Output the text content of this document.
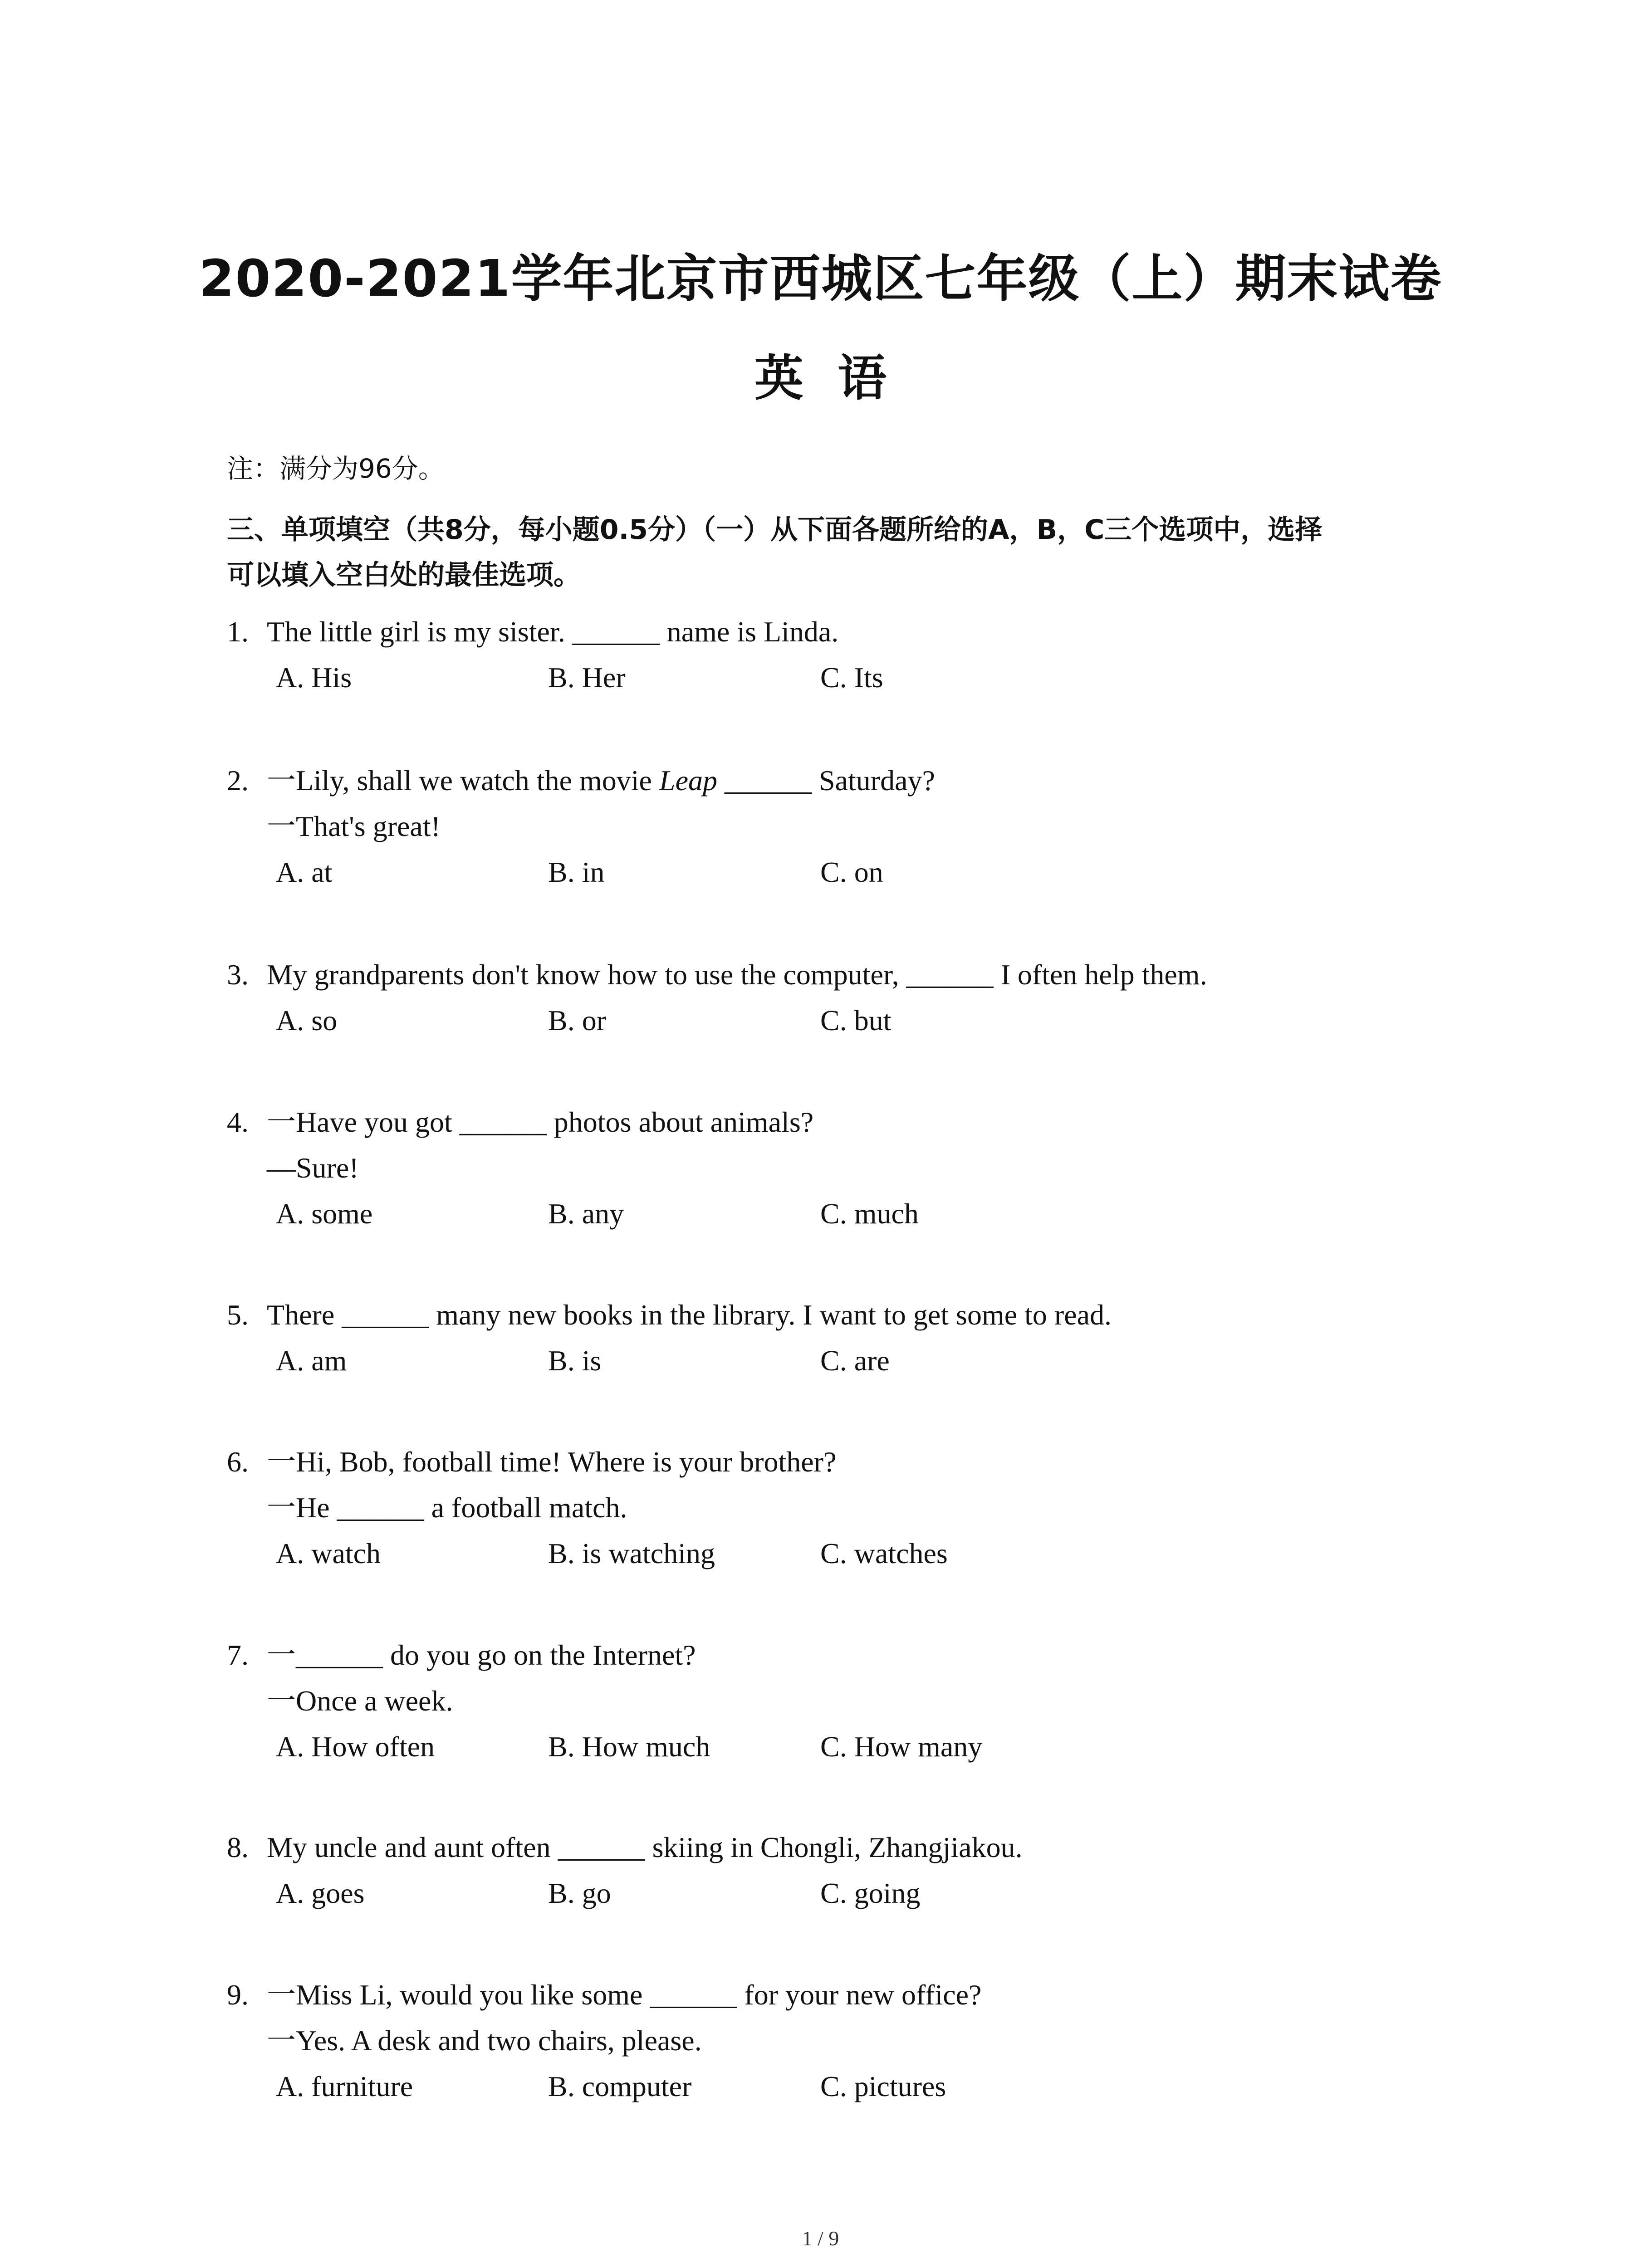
2020-2021学年北京市西城区七年级（上）期末试卷
英  语
注：满分为96分。
三、单项填空（共8分，每小题0.5分）（一）从下面各题所给的A，B，C三个选项中，选择
可以填入空白处的最佳选项。
1. The little girl is my sister. ______ name is Linda.
A. His	B. Her	C. Its
2. 一Lily, shall we watch the movie Leap ______ Saturday?
一That's great!
A. at	B. in	C. on
3. My grandparents don't know how to use the computer, ______ I often help them.
A. so	B. or	C. but
4. 一Have you got ______ photos about animals?
—Sure!
A. some	B. any	C. much
5. There ______ many new books in the library. I want to get some to read.
A. am	B. is	C. are
6. 一Hi, Bob, football time! Where is your brother?
一He ______ a football match.
A. watch	B. is watching	C. watches
7. 一______ do you go on the Internet?
一Once a week.
A. How often	B. How much	C. How many
8. My uncle and aunt often ______ skiing in Chongli, Zhangjiakou.
A. goes	B. go	C. going
9. 一Miss Li, would you like some ______ for your new office?
一Yes. A desk and two chairs, please.
A. furniture	B. computer	C. pictures
1 / 9
